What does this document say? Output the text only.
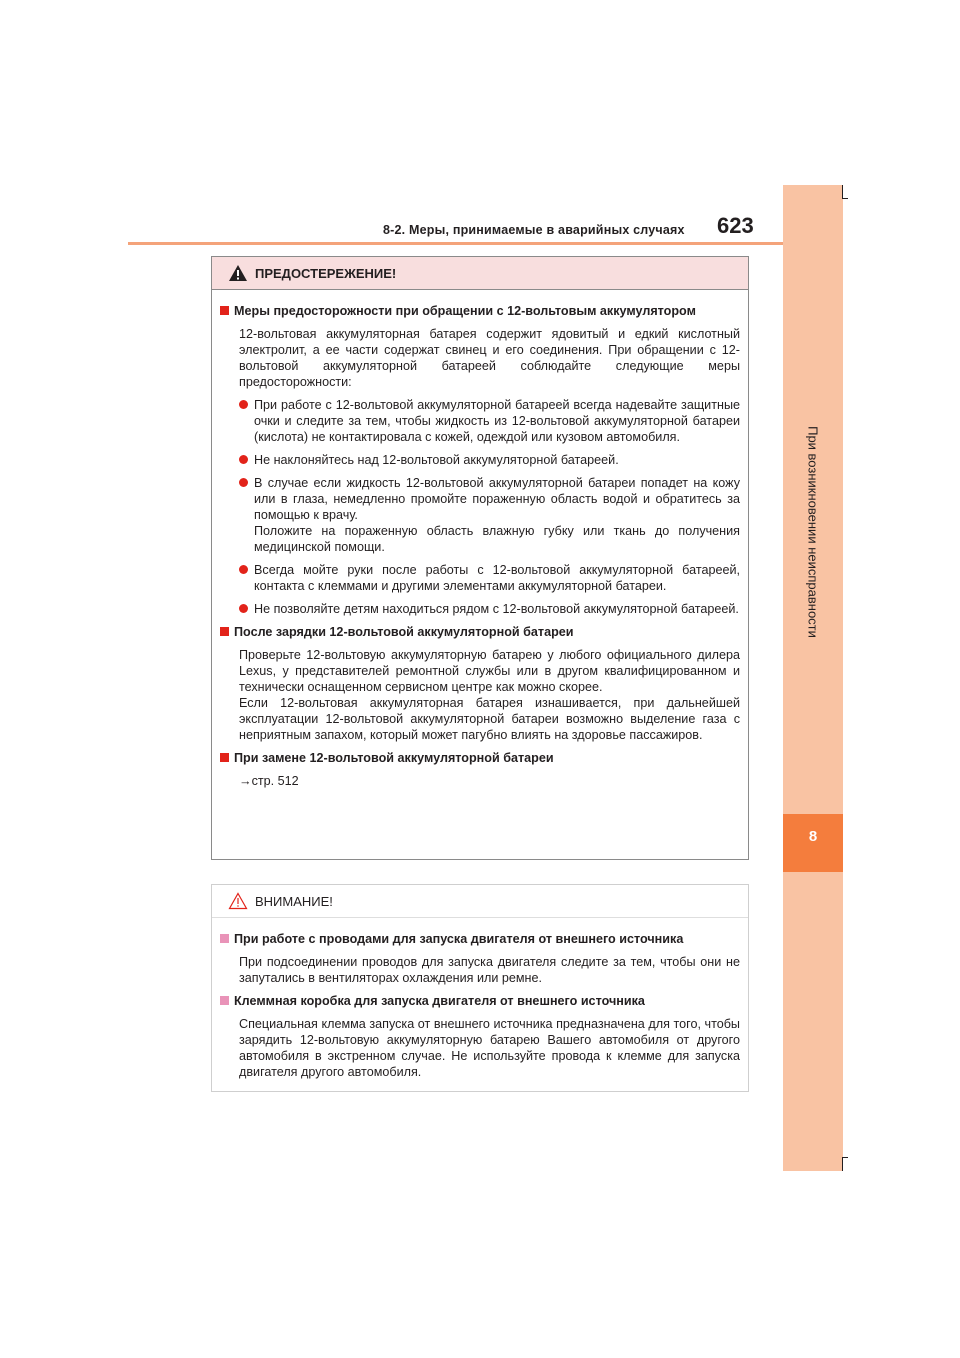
При возникновении неисправности
8
8-2. Меры, принимаемые в аварийных случаях 623
ПРЕДОСТЕРЕЖЕНИЕ!
Меры предосторожности при обращении с 12-вольтовым аккумулятором
12-вольтовая аккумуляторная батарея содержит ядовитый и едкий кислотный электролит, а ее части содержат свинец и его соединения. При обращении с 12-вольтовой аккумуляторной батареей соблюдайте следующие меры предосторожности:
При работе с 12-вольтовой аккумуляторной батареей всегда надевайте защитные очки и следите за тем, чтобы жидкость из 12-вольтовой аккумуляторной батареи (кислота) не контактировала с кожей, одеждой или кузовом автомобиля.
Не наклоняйтесь над 12-вольтовой аккумуляторной батареей.
В случае если жидкость 12-вольтовой аккумуляторной батареи попадет на кожу или в глаза, немедленно промойте пораженную область водой и обратитесь за помощью к врачу.
Положите на пораженную область влажную губку или ткань до получения медицинской помощи.
Всегда мойте руки после работы с 12-вольтовой аккумуляторной батареей, контакта с клеммами и другими элементами аккумуляторной батареи.
Не позволяйте детям находиться рядом с 12-вольтовой аккумуляторной батареей.
После зарядки 12-вольтовой аккумуляторной батареи
Проверьте 12-вольтовую аккумуляторную батарею у любого официального дилера Lexus, у представителей ремонтной службы или в другом квалифицированном и технически оснащенном сервисном центре как можно скорее.
Если 12-вольтовая аккумуляторная батарея изнашивается, при дальнейшей эксплуатации 12-вольтовой аккумуляторной батареи возможно выделение газа с неприятным запахом, который может пагубно влиять на здоровье пассажиров.
При замене 12-вольтовой аккумуляторной батареи
→стр. 512
ВНИМАНИЕ!
При работе с проводами для запуска двигателя от внешнего источника
При подсоединении проводов для запуска двигателя следите за тем, чтобы они не запутались в вентиляторах охлаждения или ремне.
Клеммная коробка для запуска двигателя от внешнего источника
Специальная клемма запуска от внешнего источника предназначена для того, чтобы зарядить 12-вольтовую аккумуляторную батарею Вашего автомобиля от другого автомобиля в экстренном случае. Не используйте провода к клемме для запуска двигателя другого автомобиля.
